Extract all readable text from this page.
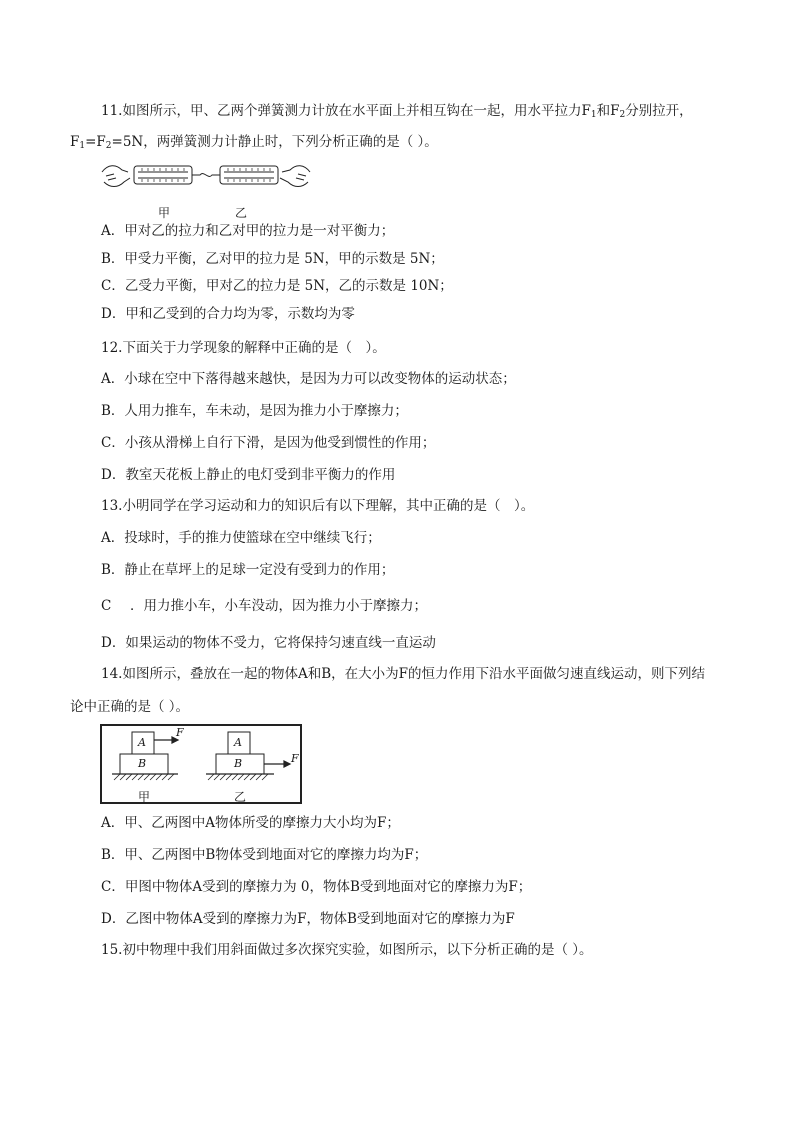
11.如图所示，甲、乙两个弹簧测力计放在水平面上并相互钩在一起，用水平拉力$F_1$和$F_2$分别拉开，
$F_1=F_2=5N$，两弹簧测力计静止时，下列分析正确的是（ ）。
甲	乙
A．甲对乙的拉力和乙对甲的拉力是一对平衡力；
B．甲受力平衡，乙对甲的拉力是 5N，甲的示数是 5N；
C．乙受力平衡，甲对乙的拉力是 5N，乙的示数是 10N；
D．甲和乙受到的合力均为零，示数均为零
12.下面关于力学现象的解释中正确的是（　）。
A．小球在空中下落得越来越快，是因为力可以改变物体的运动状态；
B．人用力推车，车未动，是因为推力小于摩擦力；
C．小孩从滑梯上自行下滑，是因为他受到惯性的作用；
D．教室天花板上静止的电灯受到非平衡力的作用
13.小明同学在学习运动和力的知识后有以下理解，其中正确的是（　）。
A．投球时，手的推力使篮球在空中继续飞行；
B．静止在草坪上的足球一定没有受到力的作用；
C ．用力推小车，小车没动，因为推力小于摩擦力；
D．如果运动的物体不受力，它将保持匀速直线一直运动
14.如图所示，叠放在一起的物体A和B，在大小为F的恒力作用下沿水平面做匀速直线运动，则下列结
论中正确的是（ ）。
A
B
A
B
F
F
甲	乙
A．甲、乙两图中A物体所受的摩擦力大小均为F；
B．甲、乙两图中B物体受到地面对它的摩擦力均为F；
C．甲图中物体A受到的摩擦力为 0，物体B受到地面对它的摩擦力为F；
D．乙图中物体A受到的摩擦力为F，物体B受到地面对它的摩擦力为F
15.初中物理中我们用斜面做过多次探究实验，如图所示，以下分析正确的是（ ）。
